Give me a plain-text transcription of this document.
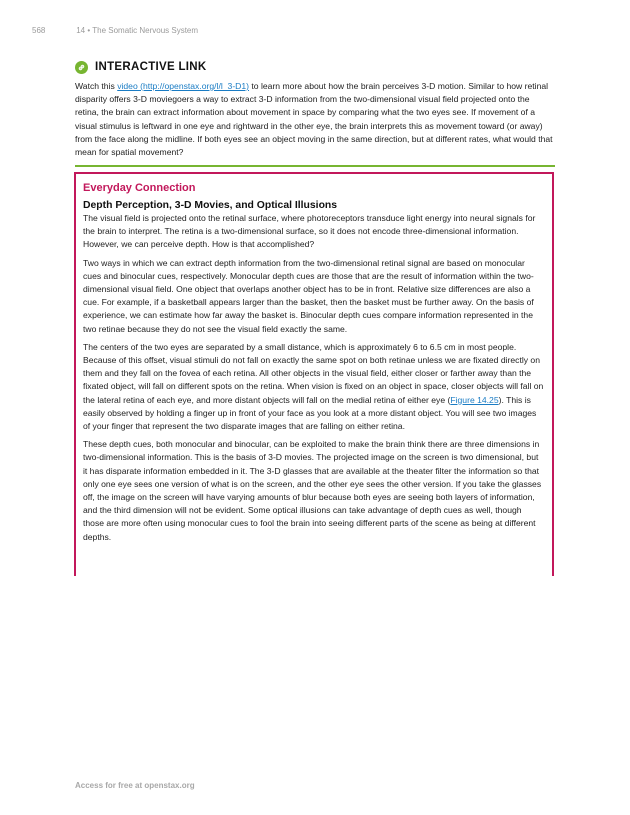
568	14 • The Somatic Nervous System
INTERACTIVE LINK

Watch this video (http://openstax.org/l/l_3-D1) to learn more about how the brain perceives 3-D motion. Similar to how retinal disparity offers 3-D moviegoers a way to extract 3-D information from the two-dimensional visual field projected onto the retina, the brain can extract information about movement in space by comparing what the two eyes see. If movement of a visual stimulus is leftward in one eye and rightward in the other eye, the brain interprets this as movement toward (or away) from the face along the midline. If both eyes see an object moving in the same direction, but at different rates, what would that mean for spatial movement?

Everyday Connection
Depth Perception, 3-D Movies, and Optical Illusions

The visual field is projected onto the retinal surface, where photoreceptors transduce light energy into neural signals for the brain to interpret. The retina is a two-dimensional surface, so it does not encode three-dimensional information. However, we can perceive depth. How is that accomplished?

Two ways in which we can extract depth information from the two-dimensional retinal signal are based on monocular cues and binocular cues, respectively. Monocular depth cues are those that are the result of information within the two-dimensional visual field. One object that overlaps another object has to be in front. Relative size differences are also a cue. For example, if a basketball appears larger than the basket, then the basket must be further away. On the basis of experience, we can estimate how far away the basket is. Binocular depth cues compare information represented in the two retinae because they do not see the visual field exactly the same.

The centers of the two eyes are separated by a small distance, which is approximately 6 to 6.5 cm in most people. Because of this offset, visual stimuli do not fall on exactly the same spot on both retinae unless we are fixated directly on them and they fall on the fovea of each retina. All other objects in the visual field, either closer or farther away than the fixated object, will fall on different spots on the retina. When vision is fixed on an object in space, closer objects will fall on the lateral retina of each eye, and more distant objects will fall on the medial retina of either eye (Figure 14.25). This is easily observed by holding a finger up in front of your face as you look at a more distant object. You will see two images of your finger that represent the two disparate images that are falling on either retina.

These depth cues, both monocular and binocular, can be exploited to make the brain think there are three dimensions in two-dimensional information. This is the basis of 3-D movies. The projected image on the screen is two dimensional, but it has disparate information embedded in it. The 3-D glasses that are available at the theater filter the information so that only one eye sees one version of what is on the screen, and the other eye sees the other version. If you take the glasses off, the image on the screen will have varying amounts of blur because both eyes are seeing both layers of information, and the third dimension will not be evident. Some optical illusions can take advantage of depth cues as well, though those are more often using monocular cues to fool the brain into seeing different parts of the scene as being at different depths.

Access for free at openstax.org
